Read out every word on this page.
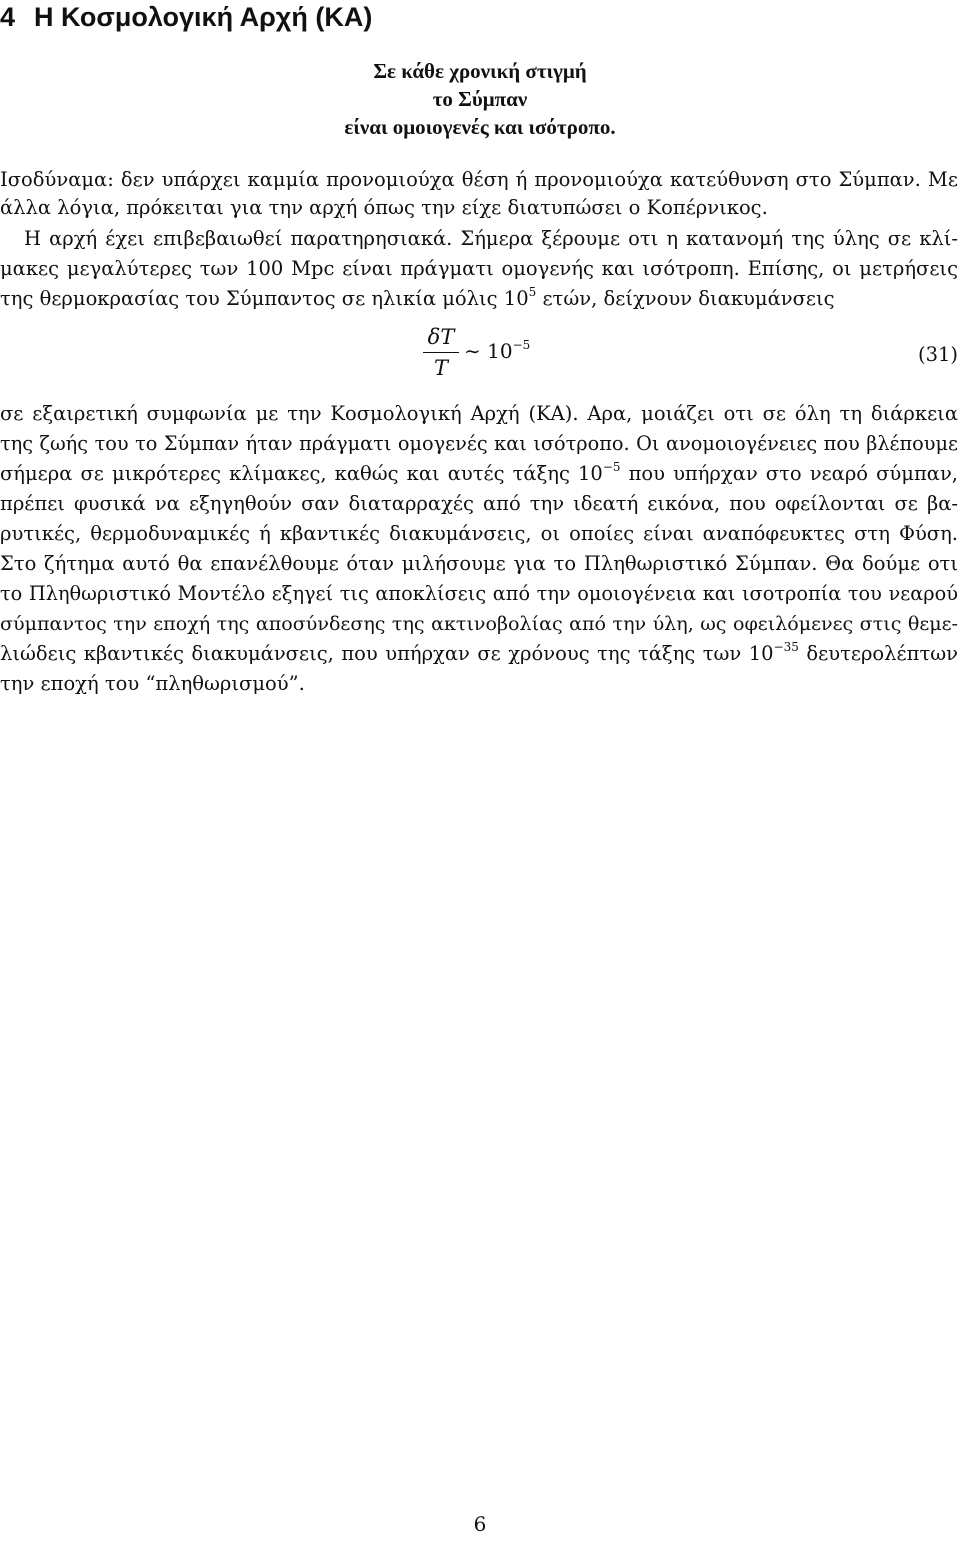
4 Η Κοσμολογική Αρχή (ΚΑ)
Σε κάθε χρονική στιγμή
το Σύμπαν
είναι ομοιογενές και ισότροπο.
Ισοδύναμα: δεν υπάρχει καμμία προνομιούχα θέση ή προνομιούχα κατεύθυνση στο Σύμπαν. Με
άλλα λόγια, πρόκειται για την αρχή όπως την είχε διατυπώσει ο Κοπέρνικος.
Η αρχή έχει επιβεβαιωθεί παρατηρησιακά. Σήμερα ξέρουμε οτι η κατανομή της ύλης σε κλί-
μακες μεγαλύτερες των 100 Mpc είναι πράγματι ομογενής και ισότροπη. Επίσης, οι μετρήσεις
της θερμοκρασίας του Σύμπαντος σε ηλικία μόλις $10^5$ ετών, δείχνουν διακυμάνσεις
δT
T
∼ $10^{-5}$	(31)
σε εξαιρετική συμφωνία με την Κοσμολογική Αρχή (ΚΑ). Αρα, μοιάζει οτι σε όλη τη διάρκεια
της ζωής του το Σύμπαν ήταν πράγματι ομογενές και ισότροπο. Οι ανομοιογένειες που βλέπουμε
σήμερα σε μικρότερες κλίμακες, καθώς και αυτές τάξης $10^{-5}$ που υπήρχαν στο νεαρό σύμπαν,
πρέπει φυσικά να εξηγηθούν σαν διαταρραχές από την ιδεατή εικόνα, που οφείλονται σε βα-
ρυτικές, θερμοδυναμικές ή κβαντικές διακυμάνσεις, οι οποίες είναι αναπόφευκτες στη Φύση.
Στο ζήτημα αυτό θα επανέλθουμε όταν μιλήσουμε για το Πληθωριστικό Σύμπαν. Θα δούμε οτι
το Πληθωριστικό Μοντέλο εξηγεί τις αποκλίσεις από την ομοιογένεια και ισοτροπία του νεαρού
σύμπαντος την εποχή της αποσύνδεσης της ακτινοβολίας από την ύλη, ως οφειλόμενες στις θεμε-
λιώδεις κβαντικές διακυμάνσεις, που υπήρχαν σε χρόνους της τάξης των $10^{-35}$ δευτερολέπτων
την εποχή του “πληθωρισμού”.
6
